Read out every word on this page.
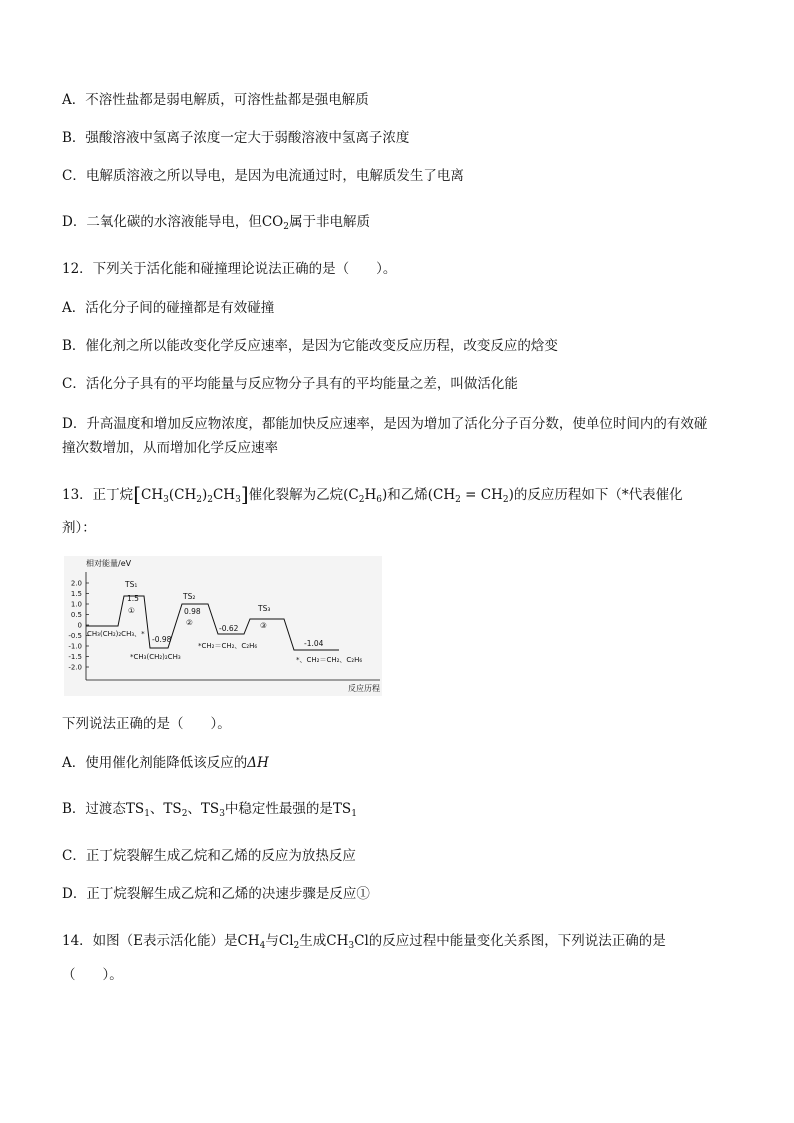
A．不溶性盐都是弱电解质，可溶性盐都是强电解质
B．强酸溶液中氢离子浓度一定大于弱酸溶液中氢离子浓度
C．电解质溶液之所以导电，是因为电流通过时，电解质发生了电离
D．二氧化碳的水溶液能导电，但$CO_2$属于非电解质
12．下列关于活化能和碰撞理论说法正确的是（　　）。
A．活化分子间的碰撞都是有效碰撞
B．催化剂之所以能改变化学反应速率，是因为它能改变反应历程，改变反应的焓变
C．活化分子具有的平均能量与反应物分子具有的平均能量之差，叫做活化能
D．升高温度和增加反应物浓度，都能加快反应速率，是因为增加了活化分子百分数，使单位时间内的有效碰
撞次数增加，从而增加化学反应速率
13．正丁烷$[CH_3(CH_2)_2CH_3]$催化裂解为乙烷$(C_2H_6)$和乙烯$(CH_2 = CH_2)$的反应历程如下（*代表催化
剂）：
相对能量/eV
反应历程
2.0
1.5
1.0
0.5
0
-0.5
-1.0
-1.5
-2.0
TS₁
1.5
①
TS₂
0.98
②
TS₃
③
-0.98
-0.62
-1.04
CH₃(CH₂)₂CH₃、*
*CH₃(CH₂)₂CH₃
*CH₂＝CH₂、C₂H₆
*、CH₂＝CH₂、C₂H₆
下列说法正确的是（　　）。
A．使用催化剂能降低该反应的ΔH
B．过渡态$TS_1$、$TS_2$、$TS_3$中稳定性最强的是$TS_1$
C．正丁烷裂解生成乙烷和乙烯的反应为放热反应
D．正丁烷裂解生成乙烷和乙烯的决速步骤是反应①
14．如图（E表示活化能）是$CH_4$与$Cl_2$生成$CH_3Cl$的反应过程中能量变化关系图，下列说法正确的是
（　　）。
